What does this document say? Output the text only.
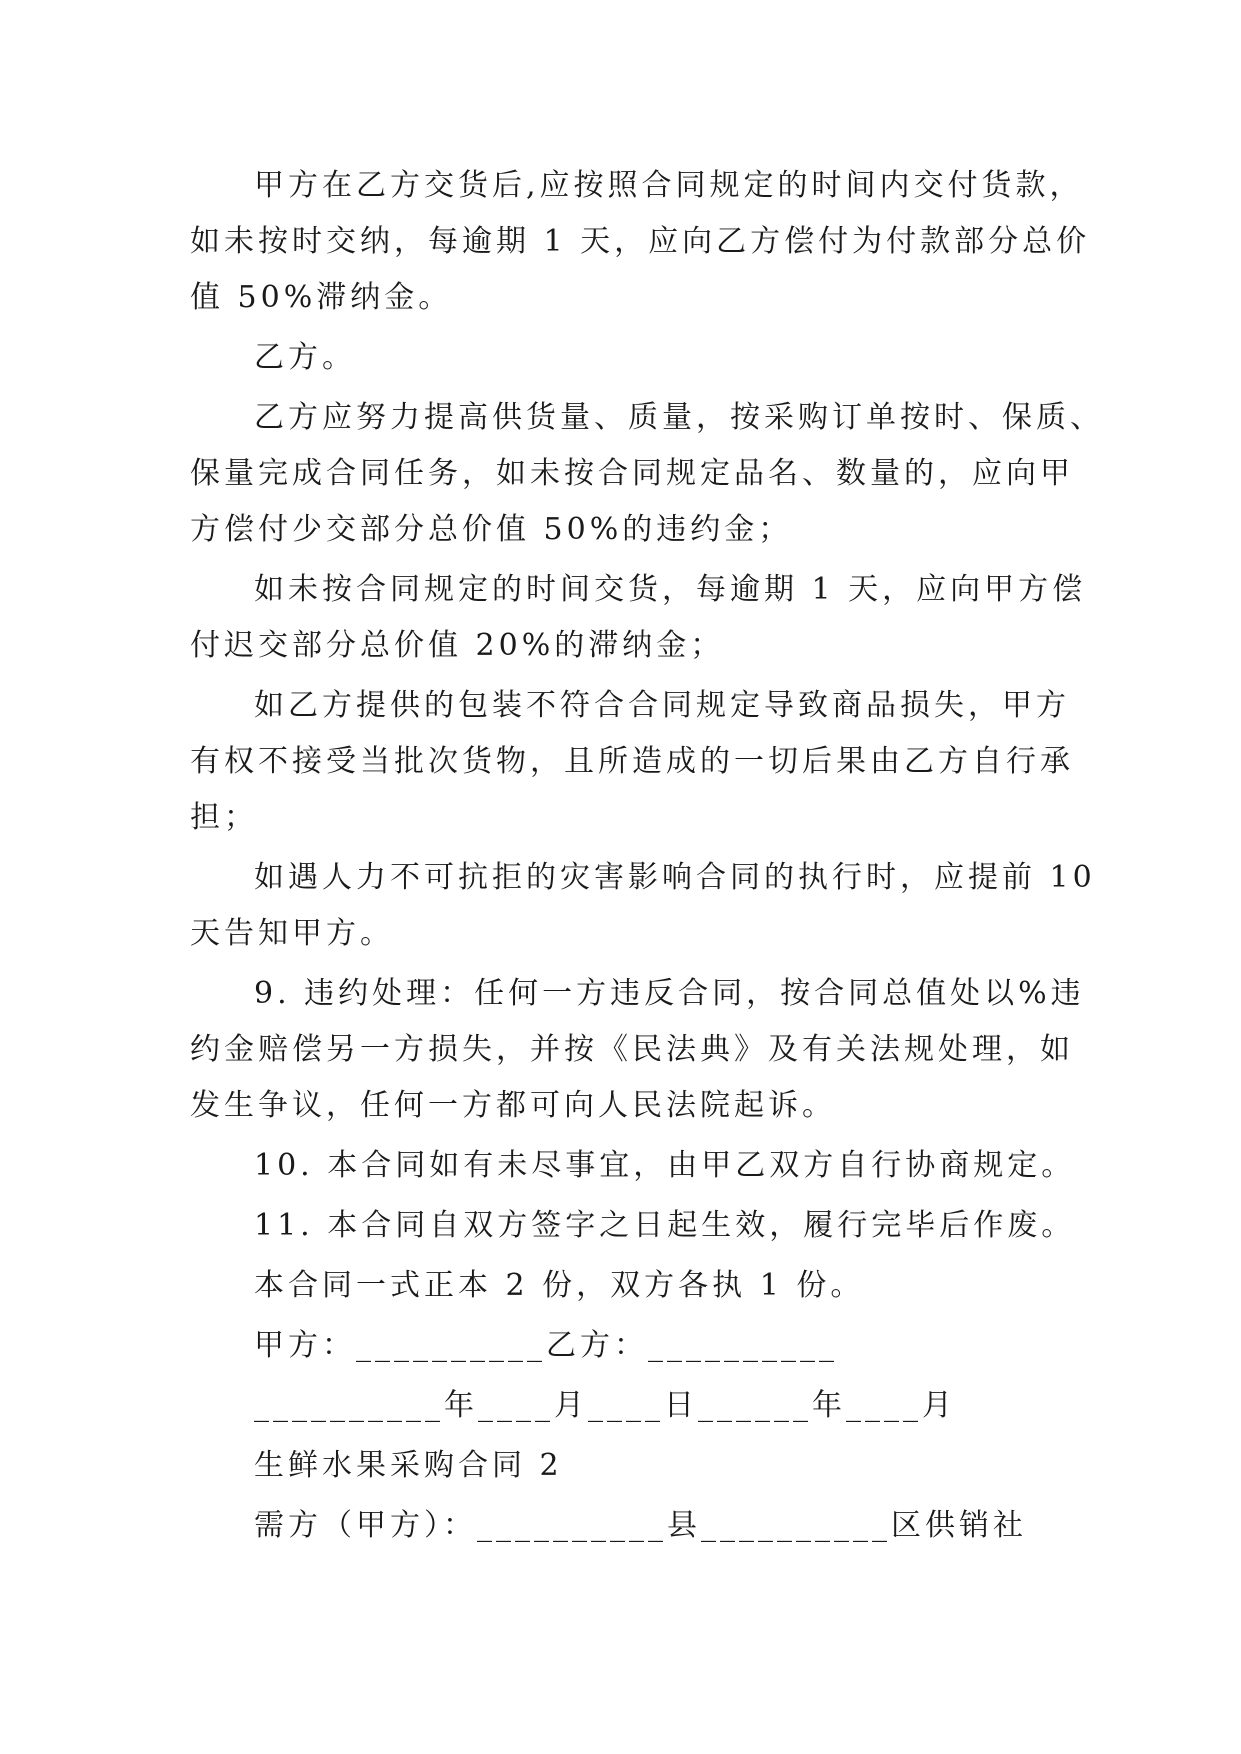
甲方在乙方交货后,应按照合同规定的时间内交付货款，
如未按时交纳，每逾期 1 天，应向乙方偿付为付款部分总价
值 50%滞纳金。
乙方。
乙方应努力提高供货量、质量，按采购订单按时、保质、
保量完成合同任务，如未按合同规定品名、数量的，应向甲
方偿付少交部分总价值 50%的违约金；
如未按合同规定的时间交货，每逾期 1 天，应向甲方偿
付迟交部分总价值 20%的滞纳金；
如乙方提供的包装不符合合同规定导致商品损失，甲方
有权不接受当批次货物，且所造成的一切后果由乙方自行承
担；
如遇人力不可抗拒的灾害影响合同的执行时，应提前 10
天告知甲方。
9. 违约处理：任何一方违反合同，按合同总值处以%违
约金赔偿另一方损失，并按《民法典》及有关法规处理，如
发生争议，任何一方都可向人民法院起诉。
10. 本合同如有未尽事宜，由甲乙双方自行协商规定。
11. 本合同自双方签字之日起生效，履行完毕后作废。
本合同一式正本 2 份，双方各执 1 份。
甲方：__________乙方：__________
__________年____月____日______年____月
生鲜水果采购合同 2
需方（甲方）：__________县__________区供销社
